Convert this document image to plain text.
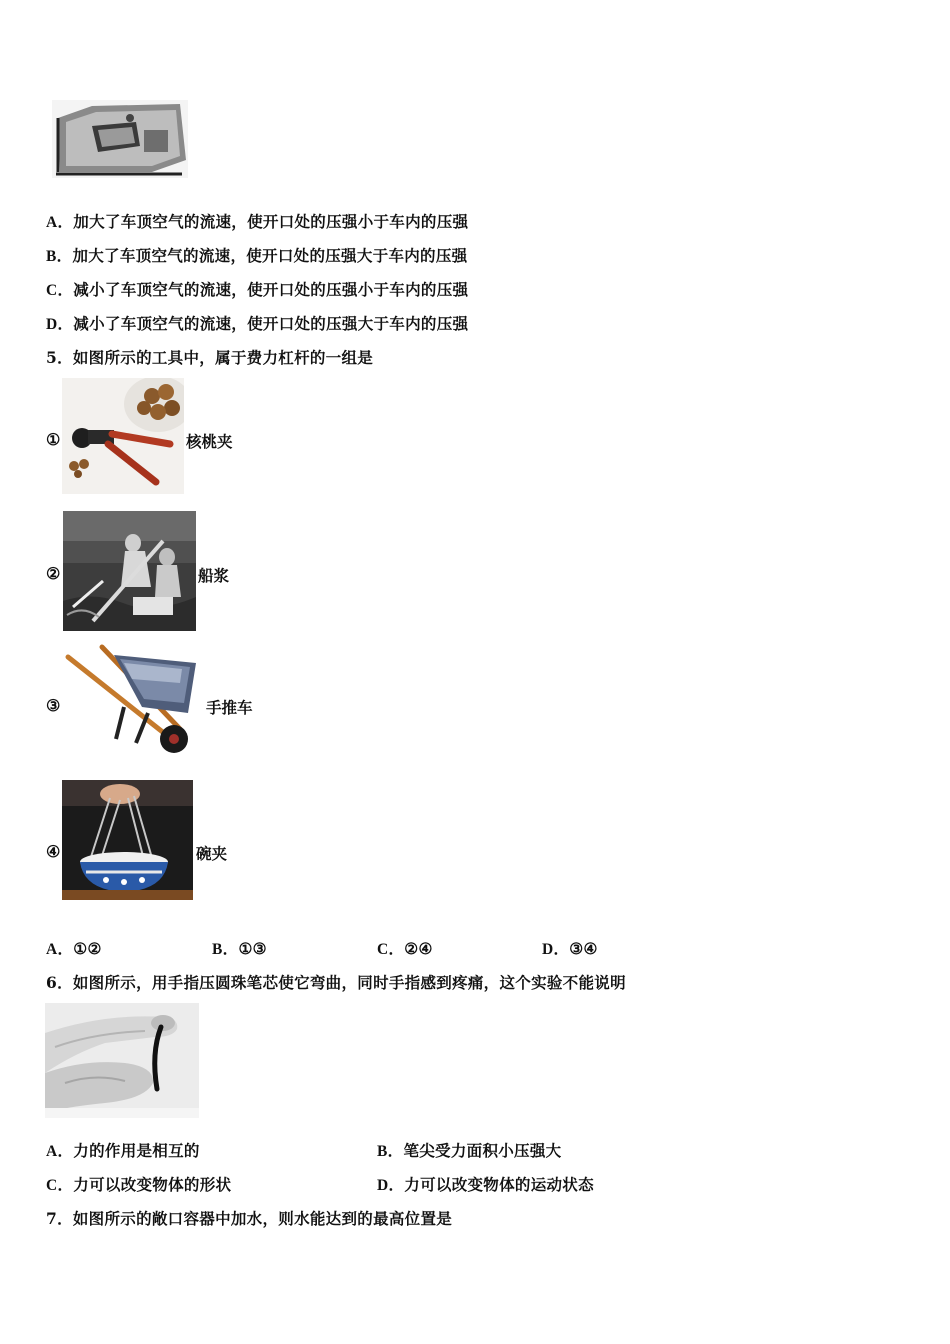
A．加大了车顶空气的流速，使开口处的压强小于车内的压强
B．加大了车顶空气的流速，使开口处的压强大于车内的压强
C．减小了车顶空气的流速，使开口处的压强小于车内的压强
D．减小了车顶空气的流速，使开口处的压强大于车内的压强
5．如图所示的工具中，属于费力杠杆的一组是
①	核桃夹
②	船浆
③	手推车
④	碗夹
A．①②	B．①③	C．②④	D．③④
6．如图所示，用手指压圆珠笔芯使它弯曲，同时手指感到疼痛，这个实验不能说明
A．力的作用是相互的	B．笔尖受力面积小压强大
C．力可以改变物体的形状	D．力可以改变物体的运动状态
7．如图所示的敞口容器中加水，则水能达到的最高位置是
